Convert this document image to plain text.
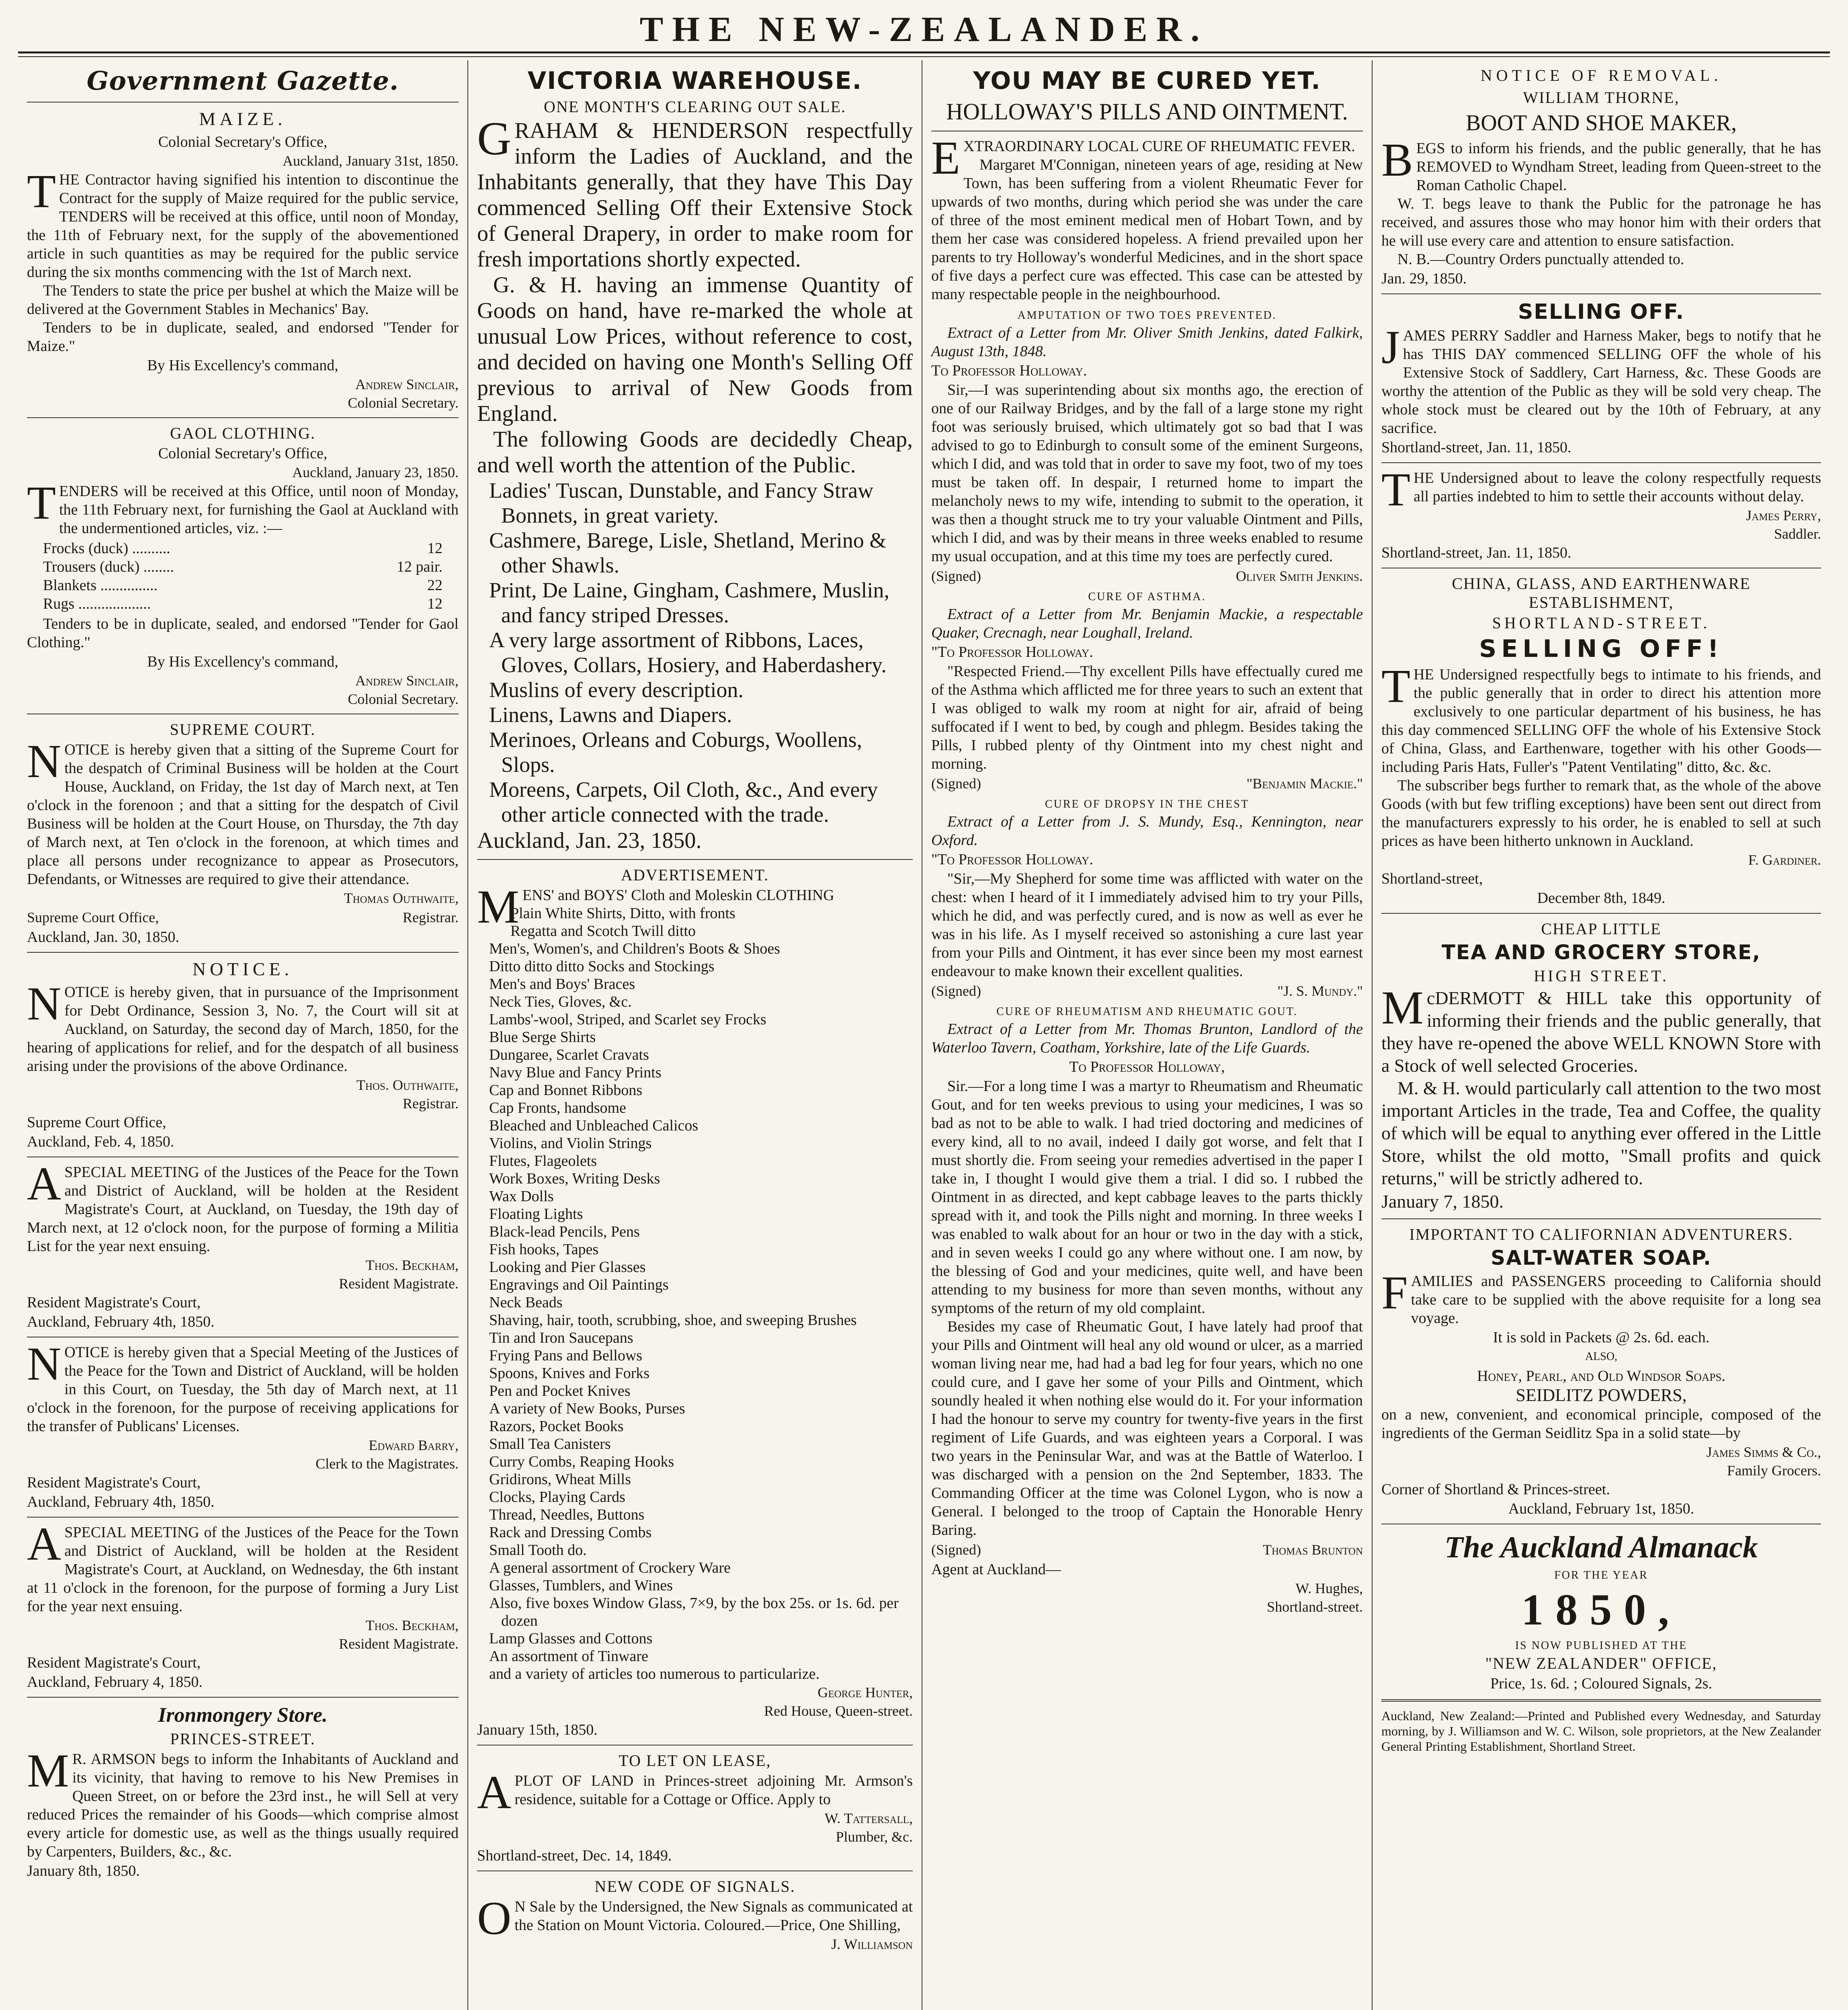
THE NEW-ZEALANDER.
Government Gazette.
MAIZE.
Colonial Secretary's Office,
Auckland, January 31st, 1850.

THE Contractor having signified his intention to discontinue the Contract for the supply of Maize required for the public service, TENDERS will be received at this office, until noon of Monday, the 11th of February next, for the supply of the abovementioned article in such quantities as may be required for the public service during the six months commencing with the 1st of March next.

The Tenders to state the price per bushel at which the Maize will be delivered at the Government Stables in Mechanics' Bay.

Tenders to be in duplicate, sealed, and endorsed "Tender for Maize."

By His Excellency's command,
Andrew Sinclair,
Colonial Secretary.
GAOL CLOTHING.
Colonial Secretary's Office,
Auckland, January 23, 1850.

TENDERS will be received at this Office, until noon of Monday, the 11th February next, for furnishing the Gaol at Auckland with the undermentioned articles, viz. :—

Frocks (duck) ..........	12
Trousers (duck) ........	12 pair.
Blankets ...............	22
Rugs ...................	12

Tenders to be in duplicate, sealed, and endorsed "Tender for Gaol Clothing."

By His Excellency's command,
Andrew Sinclair,
Colonial Secretary.
SUPREME COURT.

NOTICE is hereby given that a sitting of the Supreme Court for the despatch of Criminal Business will be holden at the Court House, Auckland, on Friday, the 1st day of March next, at Ten o'clock in the forenoon ; and that a sitting for the despatch of Civil Business will be holden at the Court House, on Thursday, the 7th day of March next, at Ten o'clock in the forenoon, at which times and place all persons under recognizance to appear as Prosecutors, Defendants, or Witnesses are required to give their attendance.

Thomas Outhwaite,
Supreme Court Office,	Registrar.
Auckland, Jan. 30, 1850.
NOTICE.

NOTICE is hereby given, that in pursuance of the Imprisonment for Debt Ordinance, Session 3, No. 7, the Court will sit at Auckland, on Saturday, the second day of March, 1850, for the hearing of applications for relief, and for the despatch of all business arising under the provisions of the above Ordinance.

Thos. Outhwaite,
Registrar.
Supreme Court Office,
Auckland, Feb. 4, 1850.

ASPECIAL MEETING of the Justices of the Peace for the Town and District of Auckland, will be holden at the Resident Magistrate's Court, at Auckland, on Tuesday, the 19th day of March next, at 12 o'clock noon, for the purpose of forming a Militia List for the year next ensuing.

Thos. Beckham,
Resident Magistrate.
Resident Magistrate's Court,
Auckland, February 4th, 1850.

NOTICE is hereby given that a Special Meeting of the Justices of the Peace for the Town and District of Auckland, will be holden in this Court, on Tuesday, the 5th day of March next, at 11 o'clock in the forenoon, for the purpose of receiving applications for the transfer of Publicans' Licenses.

Edward Barry,
Clerk to the Magistrates.
Resident Magistrate's Court,
Auckland, February 4th, 1850.

ASPECIAL MEETING of the Justices of the Peace for the Town and District of Auckland, will be holden at the Resident Magistrate's Court, at Auckland, on Wednesday, the 6th instant at 11 o'clock in the forenoon, for the purpose of forming a Jury List for the year next ensuing.

Thos. Beckham,
Resident Magistrate.
Resident Magistrate's Court,
Auckland, February 4, 1850.
Ironmongery Store.
PRINCES-STREET.

MR. ARMSON begs to inform the Inhabitants of Auckland and its vicinity, that having to remove to his New Premises in Queen Street, on or before the 23rd inst., he will Sell at very reduced Prices the remainder of his Goods—which comprise almost every article for domestic use, as well as the things usually required by Carpenters, Builders, &c., &c.

January 8th, 1850.
VICTORIA WAREHOUSE.
ONE MONTH'S CLEARING OUT SALE.

GRAHAM & HENDERSON respectfully inform the Ladies of Auckland, and the Inhabitants generally, that they have This Day commenced Selling Off their Extensive Stock of General Drapery, in order to make room for fresh importations shortly expected.

G. & H. having an immense Quantity of Goods on hand, have re-marked the whole at unusual Low Prices, without reference to cost, and decided on having one Month's Selling Off previous to arrival of New Goods from England.

The following Goods are decidedly Cheap, and well worth the attention of the Public.

Ladies' Tuscan, Dunstable, and Fancy Straw Bonnets, in great variety.
Cashmere, Barege, Lisle, Shetland, Merino & other Shawls.
Print, De Laine, Gingham, Cashmere, Muslin, and fancy striped Dresses.
A very large assortment of Ribbons, Laces, Gloves, Collars, Hosiery, and Haberdashery.
Muslins of every description.
Linens, Lawns and Diapers.
Merinoes, Orleans and Coburgs, Woollens, Slops.
Moreens, Carpets, Oil Cloth, &c., And every other article connected with the trade.
Auckland, Jan. 23, 1850.
ADVERTISEMENT.

MENS' and BOYS' Cloth and Moleskin CLOTHING

Plain White Shirts, Ditto, with fronts
Regatta and Scotch Twill ditto
Men's, Women's, and Children's Boots & Shoes
Ditto ditto ditto Socks and Stockings
Men's and Boys' Braces
Neck Ties, Gloves, &c.
Lambs'-wool, Striped, and Scarlet sey Frocks
Blue Serge Shirts
Dungaree, Scarlet Cravats
Navy Blue and Fancy Prints
Cap and Bonnet Ribbons
Cap Fronts, handsome
Bleached and Unbleached Calicos
Violins, and Violin Strings
Flutes, Flageolets
Work Boxes, Writing Desks
Wax Dolls
Floating Lights
Black-lead Pencils, Pens
Fish hooks, Tapes
Looking and Pier Glasses
Engravings and Oil Paintings
Neck Beads
Shaving, hair, tooth, scrubbing, shoe, and sweeping Brushes
Tin and Iron Saucepans
Frying Pans and Bellows
Spoons, Knives and Forks
Pen and Pocket Knives
A variety of New Books, Purses
Razors, Pocket Books
Small Tea Canisters
Curry Combs, Reaping Hooks
Gridirons, Wheat Mills
Clocks, Playing Cards
Thread, Needles, Buttons
Rack and Dressing Combs
Small Tooth do.
A general assortment of Crockery Ware
Glasses, Tumblers, and Wines
Also, five boxes Window Glass, 7×9, by the box 25s. or 1s. 6d. per dozen
Lamp Glasses and Cottons
An assortment of Tinware
and a variety of articles too numerous to particularize.
George Hunter,
Red House, Queen-street.
January 15th, 1850.
TO LET ON LEASE,

APLOT OF LAND in Princes-street adjoining Mr. Armson's residence, suitable for a Cottage or Office. Apply to

W. Tattersall,
Plumber, &c.
Shortland-street, Dec. 14, 1849.
NEW CODE OF SIGNALS.

ON Sale by the Undersigned, the New Signals as communicated at the Station on Mount Victoria. Coloured.—Price, One Shilling,

J. Williamson
YOU MAY BE CURED YET.
HOLLOWAY'S PILLS AND OINTMENT.

EXTRAORDINARY LOCAL CURE OF RHEUMATIC FEVER.

Margaret M'Connigan, nineteen years of age, residing at New Town, has been suffering from a violent Rheumatic Fever for upwards of two months, during which period she was under the care of three of the most eminent medical men of Hobart Town, and by them her case was considered hopeless. A friend prevailed upon her parents to try Holloway's wonderful Medicines, and in the short space of five days a perfect cure was effected. This case can be attested by many respectable people in the neighbourhood.

AMPUTATION OF TWO TOES PREVENTED.

Extract of a Letter from Mr. Oliver Smith Jenkins, dated Falkirk, August 13th, 1848.

To Professor Holloway.

Sir,—I was superintending about six months ago, the erection of one of our Railway Bridges, and by the fall of a large stone my right foot was seriously bruised, which ultimately got so bad that I was advised to go to Edinburgh to consult some of the eminent Surgeons, which I did, and was told that in order to save my foot, two of my toes must be taken off. In despair, I returned home to impart the melancholy news to my wife, intending to submit to the operation, it was then a thought struck me to try your valuable Ointment and Pills, which I did, and was by their means in three weeks enabled to resume my usual occupation, and at this time my toes are perfectly cured.

(Signed)	Oliver Smith Jenkins.
CURE OF ASTHMA.

Extract of a Letter from Mr. Benjamin Mackie, a respectable Quaker, Crecnagh, near Loughall, Ireland.

"To Professor Holloway.

"Respected Friend.—Thy excellent Pills have effectually cured me of the Asthma which afflicted me for three years to such an extent that I was obliged to walk my room at night for air, afraid of being suffocated if I went to bed, by cough and phlegm. Besides taking the Pills, I rubbed plenty of thy Ointment into my chest night and morning.

(Signed)	"Benjamin Mackie."
CURE OF DROPSY IN THE CHEST

Extract of a Letter from J. S. Mundy, Esq., Kennington, near Oxford.

"To Professor Holloway.

"Sir,—My Shepherd for some time was afflicted with water on the chest: when I heard of it I immediately advised him to try your Pills, which he did, and was perfectly cured, and is now as well as ever he was in his life. As I myself received so astonishing a cure last year from your Pills and Ointment, it has ever since been my most earnest endeavour to make known their excellent qualities.

(Signed)	"J. S. Mundy."
CURE OF RHEUMATISM AND RHEUMATIC GOUT.

Extract of a Letter from Mr. Thomas Brunton, Landlord of the Waterloo Tavern, Coatham, Yorkshire, late of the Life Guards.

To Professor Holloway,

Sir.—For a long time I was a martyr to Rheumatism and Rheumatic Gout, and for ten weeks previous to using your medicines, I was so bad as not to be able to walk. I had tried doctoring and medicines of every kind, all to no avail, indeed I daily got worse, and felt that I must shortly die. From seeing your remedies advertised in the paper I take in, I thought I would give them a trial. I did so. I rubbed the Ointment in as directed, and kept cabbage leaves to the parts thickly spread with it, and took the Pills night and morning. In three weeks I was enabled to walk about for an hour or two in the day with a stick, and in seven weeks I could go any where without one. I am now, by the blessing of God and your medicines, quite well, and have been attending to my business for more than seven months, without any symptoms of the return of my old complaint.

Besides my case of Rheumatic Gout, I have lately had proof that your Pills and Ointment will heal any old wound or ulcer, as a married woman living near me, had had a bad leg for four years, which no one could cure, and I gave her some of your Pills and Ointment, which soundly healed it when nothing else would do it. For your information I had the honour to serve my country for twenty-five years in the first regiment of Life Guards, and was eighteen years a Corporal. I was two years in the Peninsular War, and was at the Battle of Waterloo. I was discharged with a pension on the 2nd September, 1833. The Commanding Officer at the time was Colonel Lygon, who is now a General. I belonged to the troop of Captain the Honorable Henry Baring.

(Signed)	Thomas Brunton
Agent at Auckland—
W. Hughes,
Shortland-street.
NOTICE OF REMOVAL.
WILLIAM THORNE,
BOOT AND SHOE MAKER,

BEGS to inform his friends, and the public generally, that he has REMOVED to Wyndham Street, leading from Queen-street to the Roman Catholic Chapel.

W. T. begs leave to thank the Public for the patronage he has received, and assures those who may honor him with their orders that he will use every care and attention to ensure satisfaction.

N. B.—Country Orders punctually attended to.

Jan. 29, 1850.
SELLING OFF.

JAMES PERRY Saddler and Harness Maker, begs to notify that he has THIS DAY commenced SELLING OFF the whole of his Extensive Stock of Saddlery, Cart Harness, &c. These Goods are worthy the attention of the Public as they will be sold very cheap. The whole stock must be cleared out by the 10th of February, at any sacrifice.

Shortland-street, Jan. 11, 1850.

THE Undersigned about to leave the colony respectfully requests all parties indebted to him to settle their accounts without delay.

James Perry,
Saddler.
Shortland-street, Jan. 11, 1850.
CHINA, GLASS, AND EARTHENWARE ESTABLISHMENT,
SHORTLAND-STREET.
SELLING OFF!

THE Undersigned respectfully begs to intimate to his friends, and the public generally that in order to direct his attention more exclusively to one particular department of his business, he has this day commenced SELLING OFF the whole of his Extensive Stock of China, Glass, and Earthenware, together with his other Goods—including Paris Hats, Fuller's "Patent Ventilating" ditto, &c. &c.

The subscriber begs further to remark that, as the whole of the above Goods (with but few trifling exceptions) have been sent out direct from the manufacturers expressly to his order, he is enabled to sell at such prices as have been hitherto unknown in Auckland.

F. Gardiner.
Shortland-street,
December 8th, 1849.
CHEAP LITTLE
TEA AND GROCERY STORE,
HIGH STREET.

McDERMOTT & HILL take this opportunity of informing their friends and the public generally, that they have re-opened the above WELL KNOWN Store with a Stock of well selected Groceries.

M. & H. would particularly call attention to the two most important Articles in the trade, Tea and Coffee, the quality of which will be equal to anything ever offered in the Little Store, whilst the old motto, "Small profits and quick returns," will be strictly adhered to.

January 7, 1850.
IMPORTANT TO CALIFORNIAN ADVENTURERS.
SALT-WATER SOAP.

FAMILIES and PASSENGERS proceeding to California should take care to be supplied with the above requisite for a long sea voyage.

It is sold in Packets @ 2s. 6d. each.
ALSO,
Honey, Pearl, and Old Windsor Soaps.
SEIDLITZ POWDERS,

on a new, convenient, and economical principle, composed of the ingredients of the German Seidlitz Spa in a solid state—by

James Simms & Co.,
Family Grocers.
Corner of Shortland & Princes-street.
Auckland, February 1st, 1850.
The Auckland Almanack
FOR THE YEAR
1850,
IS NOW PUBLISHED AT THE
"NEW ZEALANDER" OFFICE,
Price, 1s. 6d. ; Coloured Signals, 2s.
Auckland, New Zealand:—Printed and Published every Wednesday, and Saturday morning, by J. Williamson and W. C. Wilson, sole proprietors, at the New Zealander General Printing Establishment, Shortland Street.
